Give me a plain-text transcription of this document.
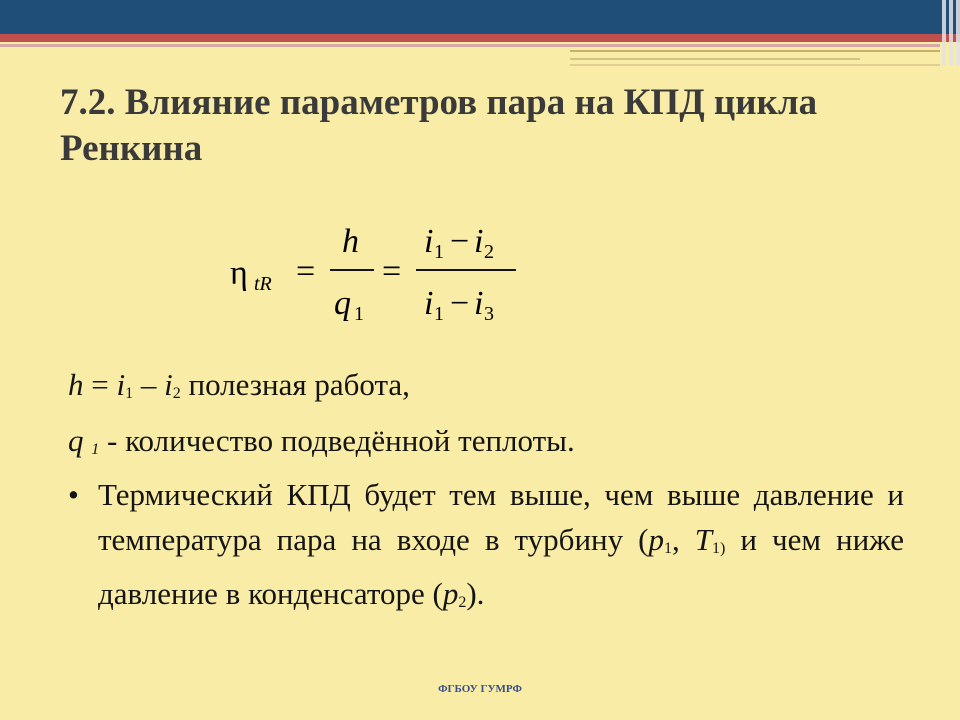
7.2. Влияние параметров пара на КПД цикла Ренкина
η tR =
h
q 1
=
i 1 − i 2
i 1 − i 3

h = i1 – i2 полезная работа,

q 1 - количество подведённой теплоты.

• Термический КПД будет тем выше, чем выше давление и температура пара на входе в турбину (p1, T1) и чем ниже давление в конденсаторе (p2).
ФГБОУ ГУМРФ
